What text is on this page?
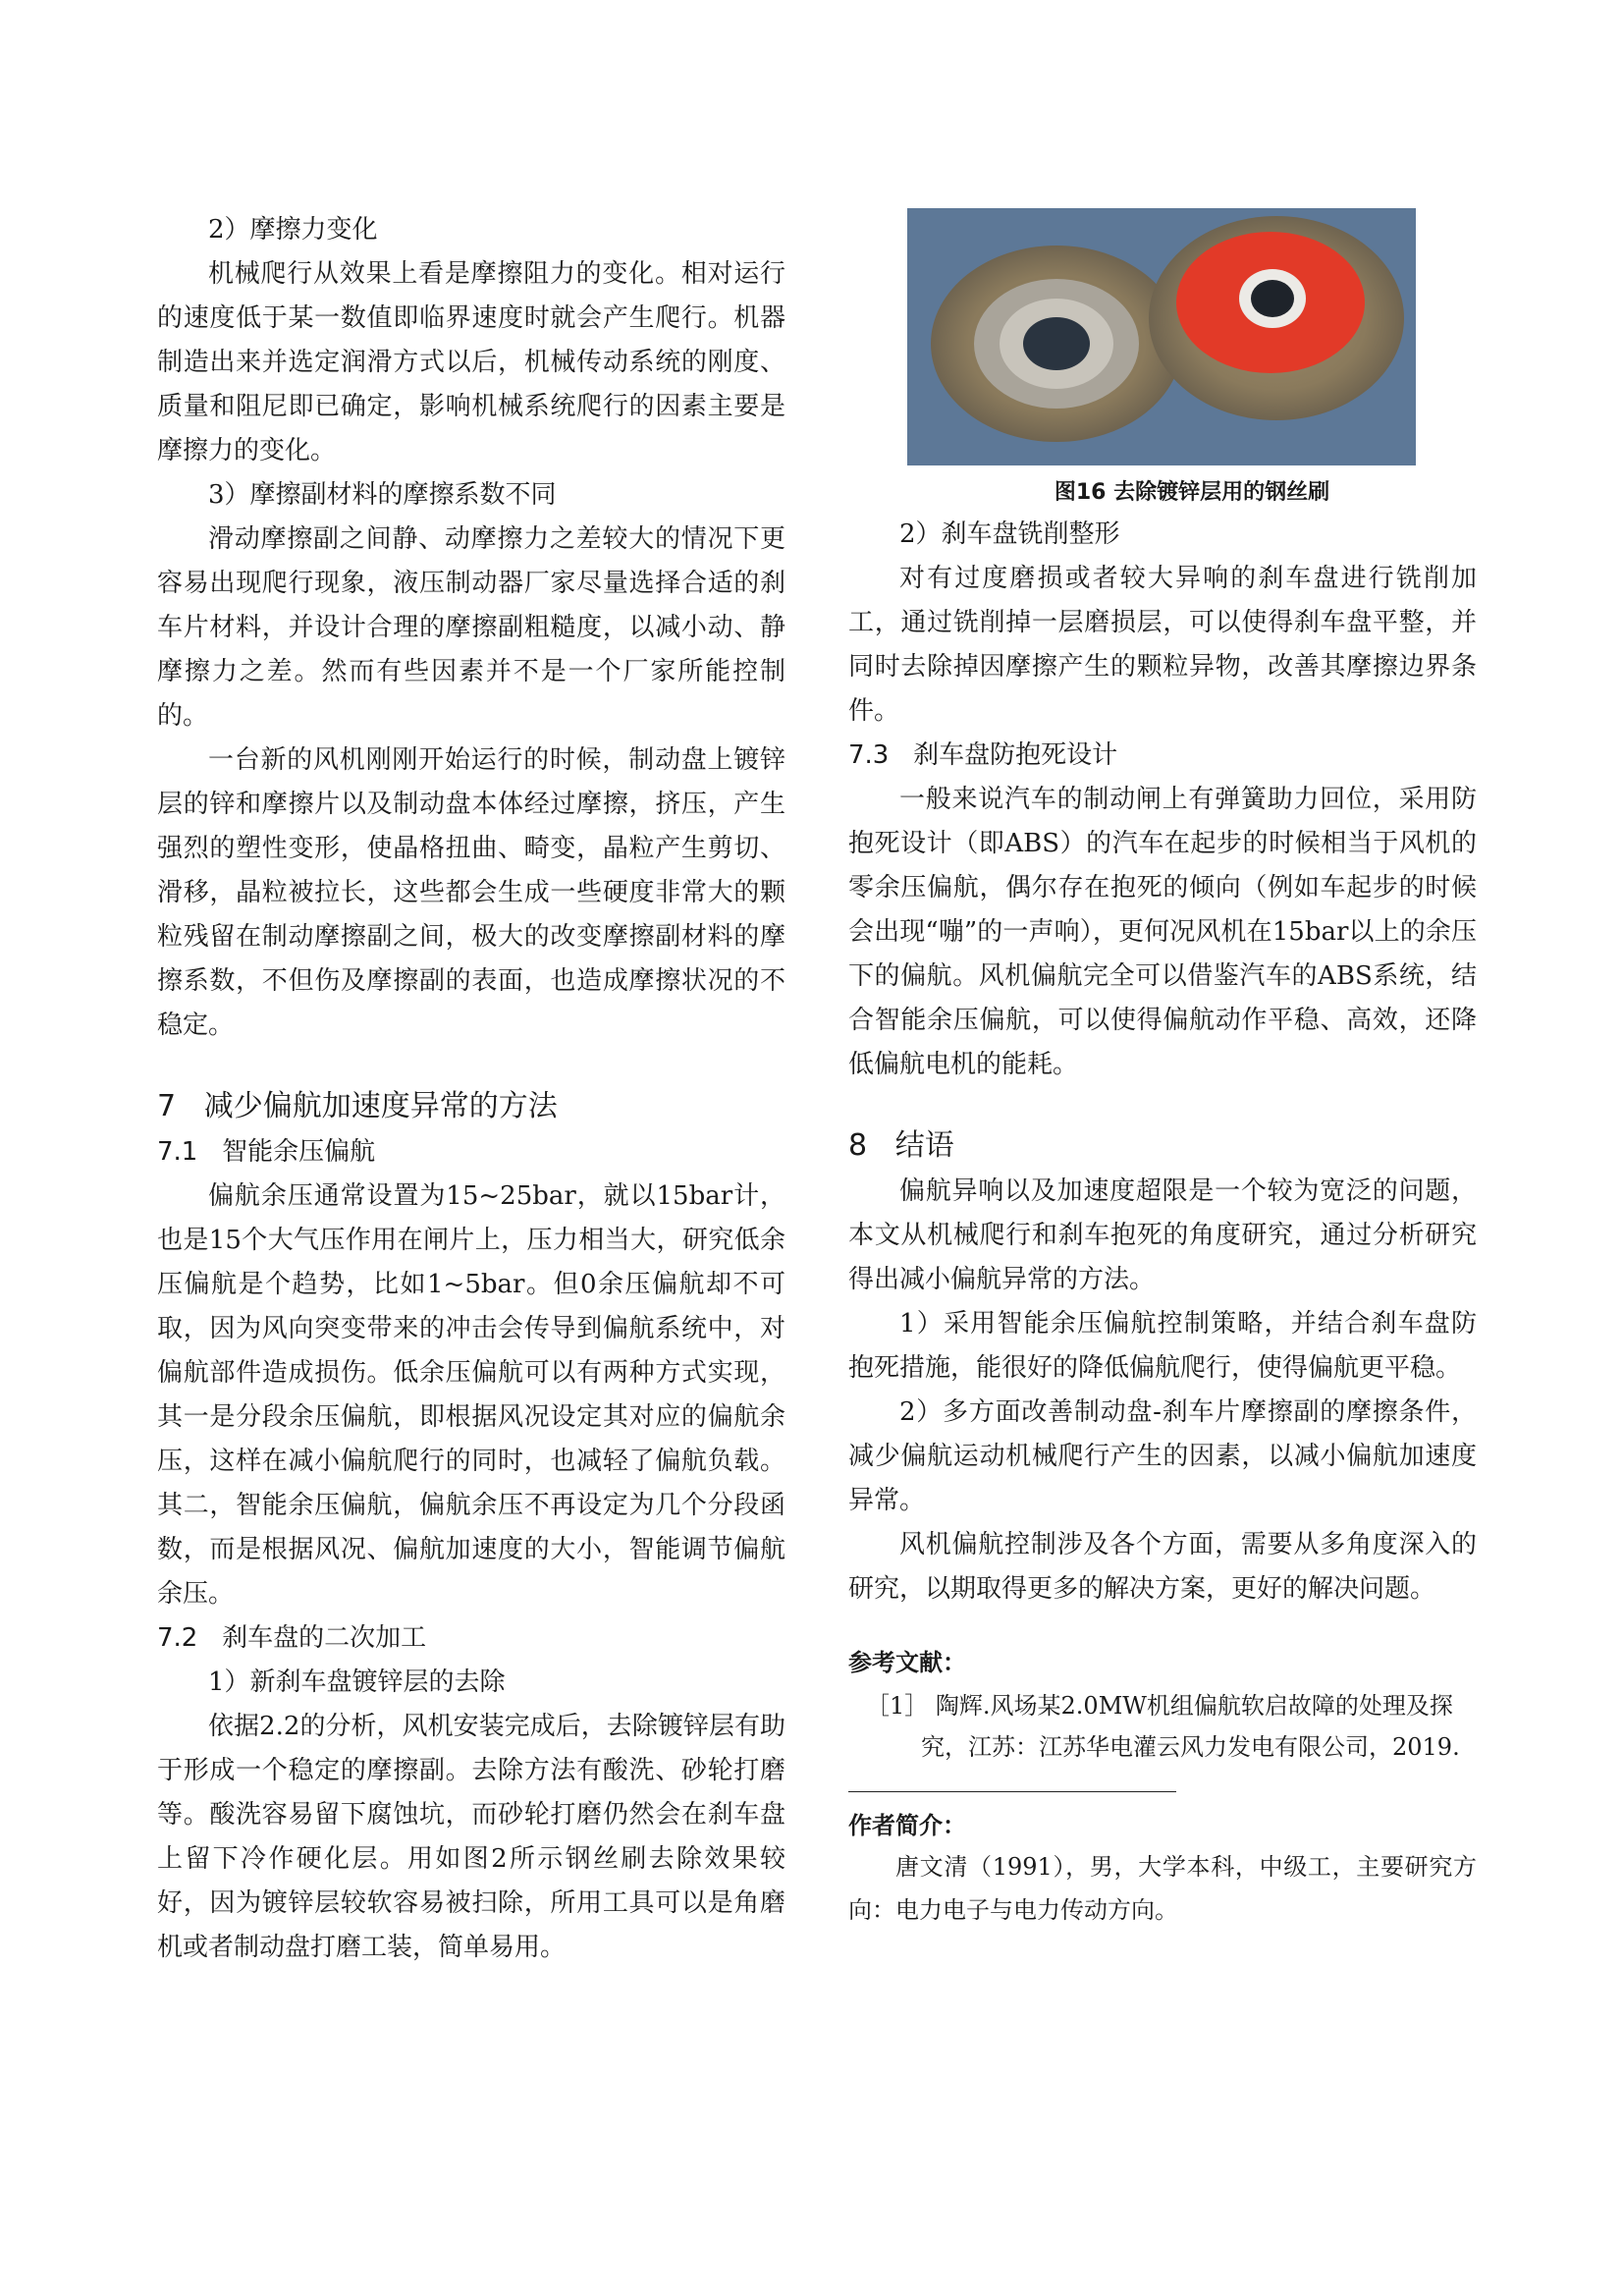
2）摩擦力变化

机械爬行从效果上看是摩擦阻力的变化。相对运行的速度低于某一数值即临界速度时就会产生爬行。机器制造出来并选定润滑方式以后，机械传动系统的刚度、质量和阻尼即已确定，影响机械系统爬行的因素主要是摩擦力的变化。

3）摩擦副材料的摩擦系数不同

滑动摩擦副之间静、动摩擦力之差较大的情况下更容易出现爬行现象，液压制动器厂家尽量选择合适的刹车片材料，并设计合理的摩擦副粗糙度，以减小动、静摩擦力之差。然而有些因素并不是一个厂家所能控制的。

一台新的风机刚刚开始运行的时候，制动盘上镀锌层的锌和摩擦片以及制动盘本体经过摩擦，挤压，产生强烈的塑性变形，使晶格扭曲、畸变，晶粒产生剪切、滑移，晶粒被拉长，这些都会生成一些硬度非常大的颗粒残留在制动摩擦副之间，极大的改变摩擦副材料的摩擦系数，不但伤及摩擦副的表面，也造成摩擦状况的不稳定。

7 减少偏航加速度异常的方法
7.1 智能余压偏航

偏航余压通常设置为15~25bar，就以15bar计，也是15个大气压作用在闸片上，压力相当大，研究低余压偏航是个趋势，比如1~5bar。但0余压偏航却不可取，因为风向突变带来的冲击会传导到偏航系统中，对偏航部件造成损伤。低余压偏航可以有两种方式实现，其一是分段余压偏航，即根据风况设定其对应的偏航余压，这样在减小偏航爬行的同时，也减轻了偏航负载。其二，智能余压偏航，偏航余压不再设定为几个分段函数，而是根据风况、偏航加速度的大小，智能调节偏航余压。

7.2 刹车盘的二次加工

1）新刹车盘镀锌层的去除

依据2.2的分析，风机安装完成后，去除镀锌层有助于形成一个稳定的摩擦副。去除方法有酸洗、砂轮打磨等。酸洗容易留下腐蚀坑，而砂轮打磨仍然会在刹车盘上留下冷作硬化层。用如图2所示钢丝刷去除效果较好，因为镀锌层较软容易被扫除，所用工具可以是角磨机或者制动盘打磨工装，简单易用。

图16 去除镀锌层用的钢丝刷

2）刹车盘铣削整形

对有过度磨损或者较大异响的刹车盘进行铣削加工，通过铣削掉一层磨损层，可以使得刹车盘平整，并同时去除掉因摩擦产生的颗粒异物，改善其摩擦边界条件。

7.3 刹车盘防抱死设计

一般来说汽车的制动闸上有弹簧助力回位，采用防抱死设计（即ABS）的汽车在起步的时候相当于风机的零余压偏航，偶尔存在抱死的倾向（例如车起步的时候会出现“嘣”的一声响），更何况风机在15bar以上的余压下的偏航。风机偏航完全可以借鉴汽车的ABS系统，结合智能余压偏航，可以使得偏航动作平稳、高效，还降低偏航电机的能耗。

8 结语

偏航异响以及加速度超限是一个较为宽泛的问题，本文从机械爬行和刹车抱死的角度研究，通过分析研究得出减小偏航异常的方法。

1）采用智能余压偏航控制策略，并结合刹车盘防抱死措施，能很好的降低偏航爬行，使得偏航更平稳。

2）多方面改善制动盘-刹车片摩擦副的摩擦条件，减少偏航运动机械爬行产生的因素，以减小偏航加速度异常。

风机偏航控制涉及各个方面，需要从多角度深入的研究，以期取得更多的解决方案，更好的解决问题。

参考文献：

［1］ 陶辉.风场某2.0MW机组偏航软启故障的处理及探究，江苏：江苏华电灌云风力发电有限公司，2019.

作者简介：

唐文清（1991），男，大学本科，中级工，主要研究方向：电力电子与电力传动方向。
